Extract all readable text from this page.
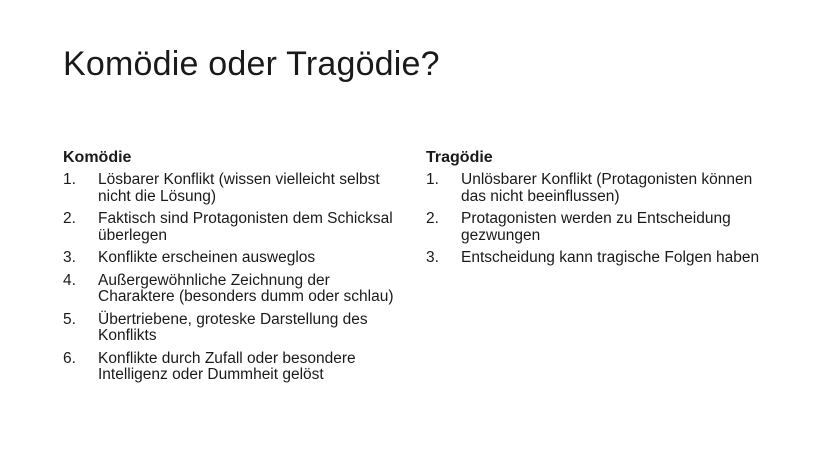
Komödie oder Tragödie?
Komödie
1. Lösbarer Konflikt (wissen vielleicht selbst nicht die Lösung)
2. Faktisch sind Protagonisten dem Schicksal überlegen
3. Konflikte erscheinen ausweglos
4. Außergewöhnliche Zeichnung der Charaktere (besonders dumm oder schlau)
5. Übertriebene, groteske Darstellung des Konflikts
6. Konflikte durch Zufall oder besondere Intelligenz oder Dummheit gelöst
Tragödie
1. Unlösbarer Konflikt (Protagonisten können das nicht beeinflussen)
2. Protagonisten werden zu Entscheidung gezwungen
3. Entscheidung kann tragische Folgen haben
